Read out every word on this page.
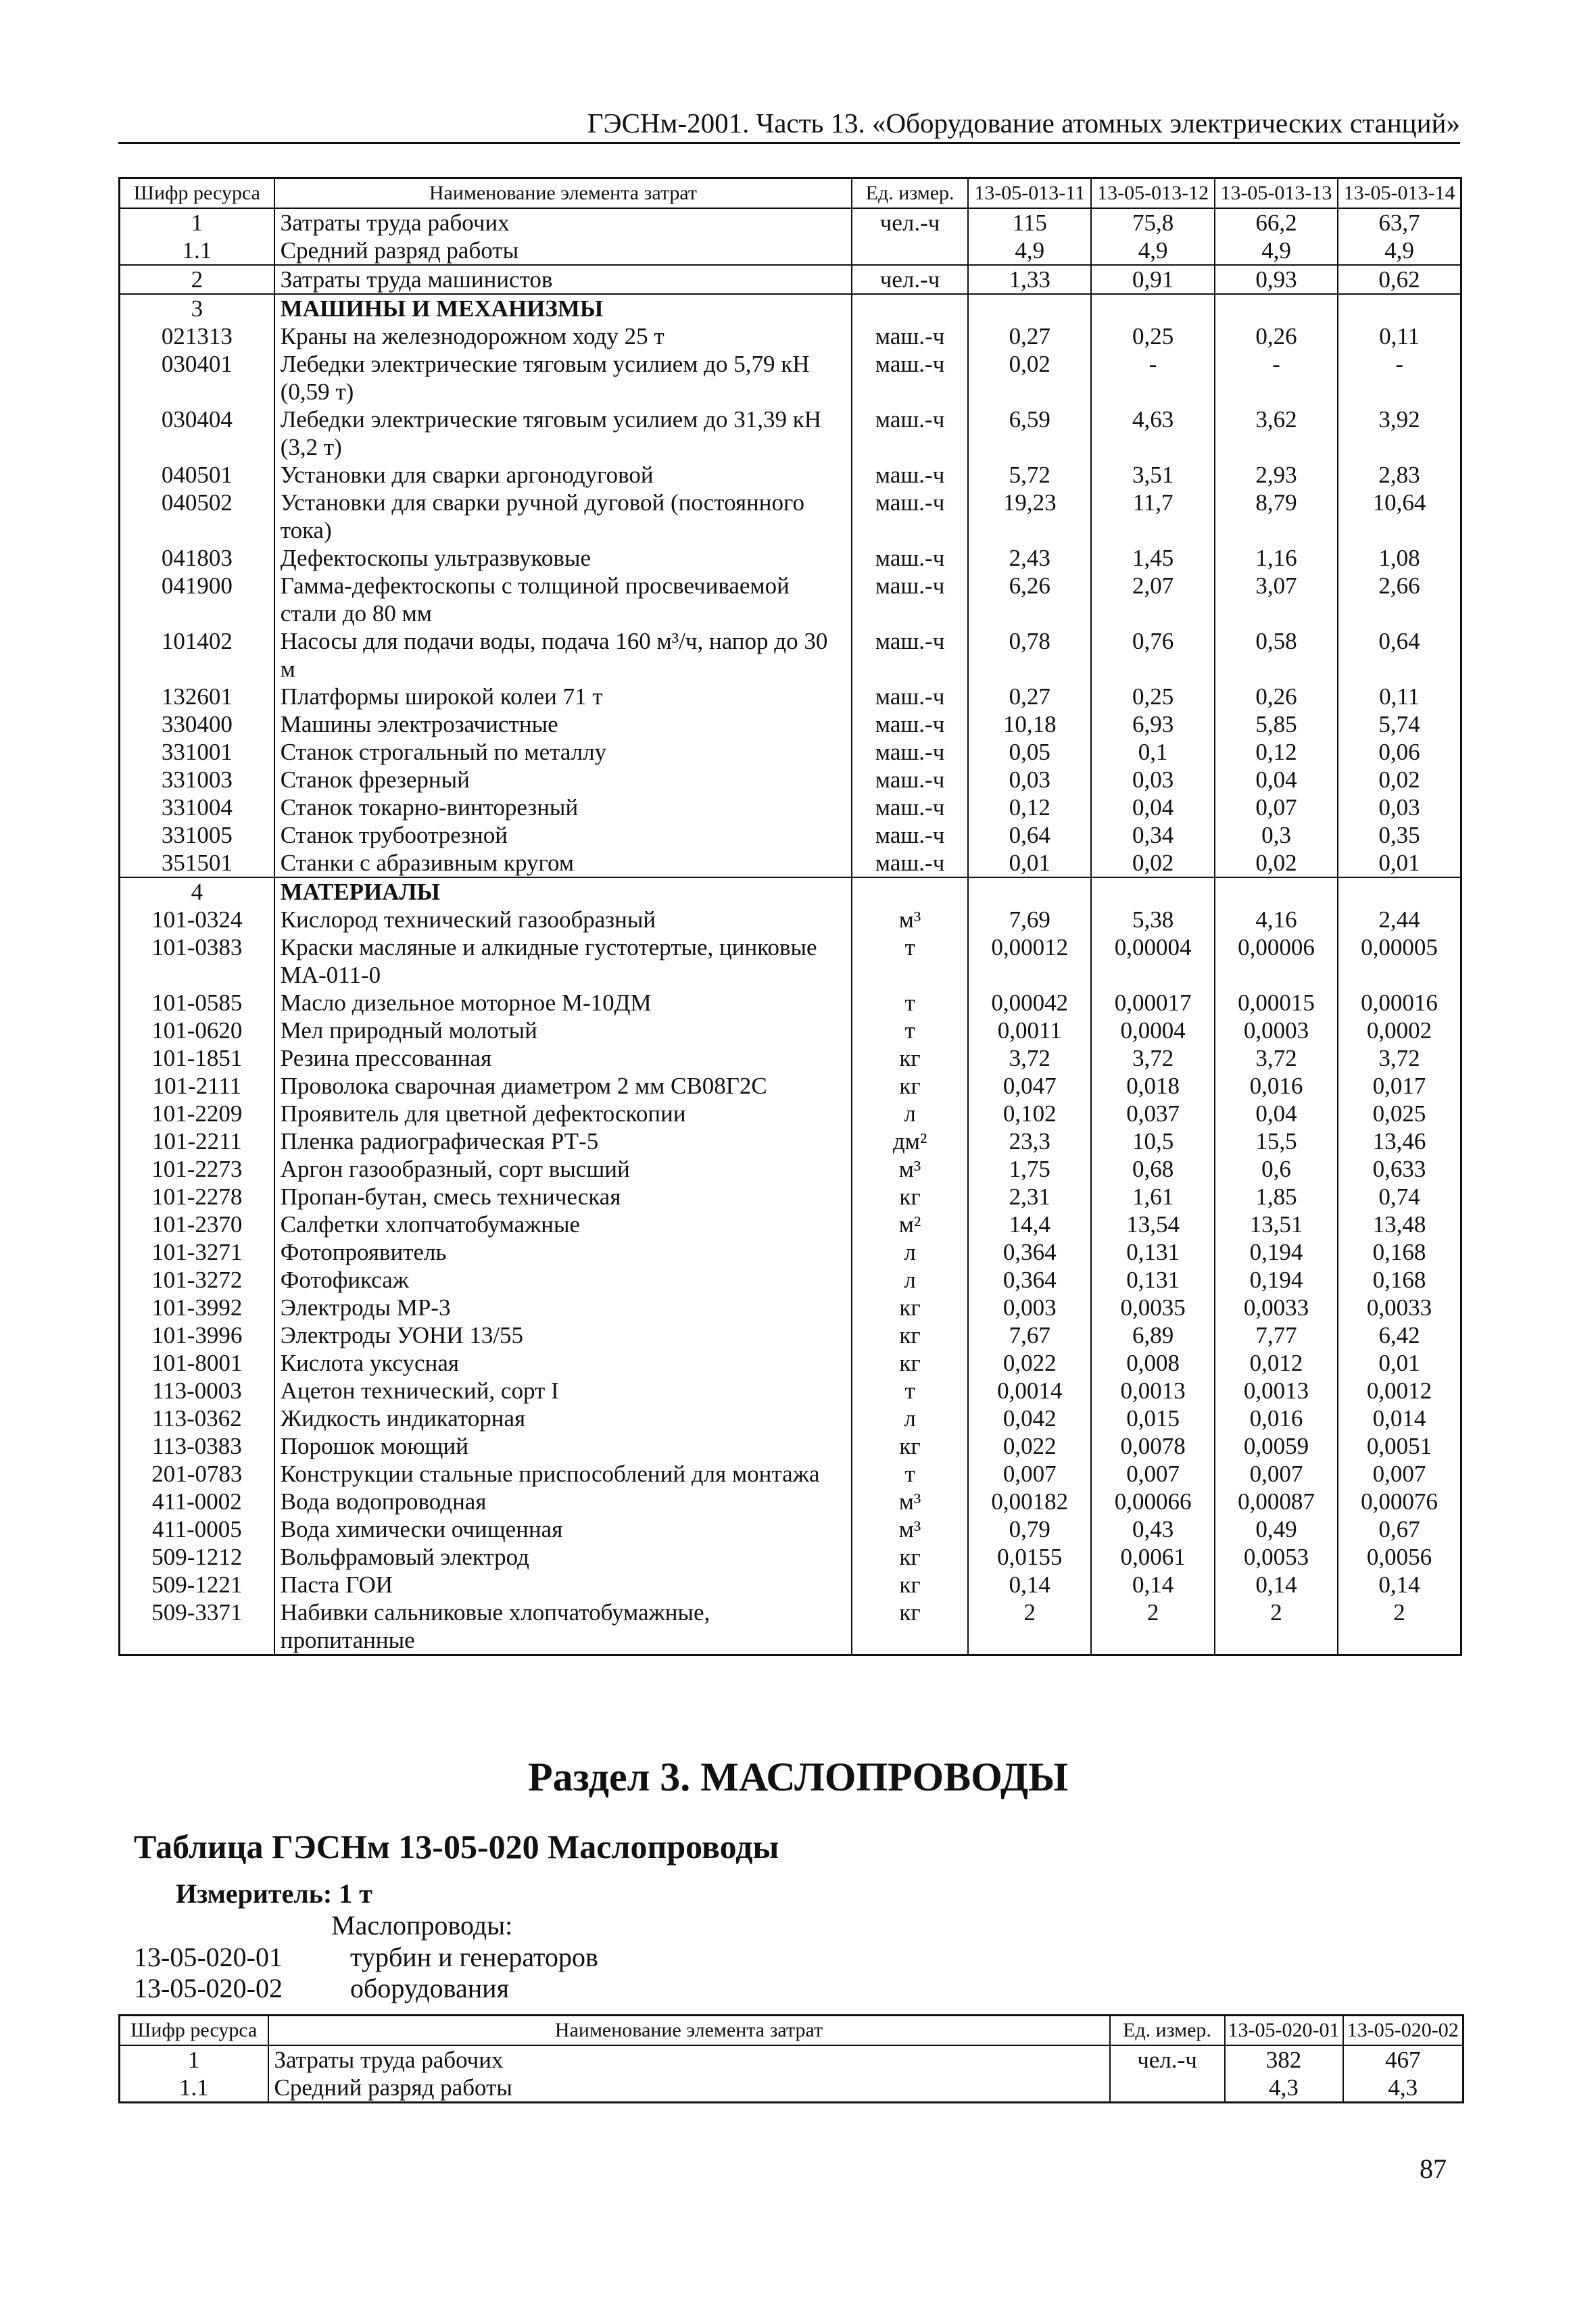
ГЭСНм-2001. Часть 13. «Оборудование атомных электрических станций»
Шифр ресурса	Наименование элемента затрат	Ед. измер.	13-05-013-11	13-05-013-12	13-05-013-13	13-05-013-14
1	Затраты труда рабочих	чел.-ч	115	75,8	66,2	63,7
1.1	Средний разряд работы		4,9	4,9	4,9	4,9
2	Затраты труда машинистов	чел.-ч	1,33	0,91	0,93	0,62
3	МАШИНЫ И МЕХАНИЗМЫ					
021313	Краны на железнодорожном ходу 25 т	маш.-ч	0,27	0,25	0,26	0,11
030401	Лебедки электрические тяговым усилием до 5,79 кН (0,59 т)	маш.-ч	0,02	-	-	-
030404	Лебедки электрические тяговым усилием до 31,39 кН (3,2 т)	маш.-ч	6,59	4,63	3,62	3,92
040501	Установки для сварки аргонодуговой	маш.-ч	5,72	3,51	2,93	2,83
040502	Установки для сварки ручной дуговой (постоянного тока)	маш.-ч	19,23	11,7	8,79	10,64
041803	Дефектоскопы ультразвуковые	маш.-ч	2,43	1,45	1,16	1,08
041900	Гамма-дефектоскопы с толщиной просвечиваемой стали до 80 мм	маш.-ч	6,26	2,07	3,07	2,66
101402	Насосы для подачи воды, подача 160 м³/ч, напор до 30 м	маш.-ч	0,78	0,76	0,58	0,64
132601	Платформы широкой колеи 71 т	маш.-ч	0,27	0,25	0,26	0,11
330400	Машины электрозачистные	маш.-ч	10,18	6,93	5,85	5,74
331001	Станок строгальный по металлу	маш.-ч	0,05	0,1	0,12	0,06
331003	Станок фрезерный	маш.-ч	0,03	0,03	0,04	0,02
331004	Станок токарно-винторезный	маш.-ч	0,12	0,04	0,07	0,03
331005	Станок трубоотрезной	маш.-ч	0,64	0,34	0,3	0,35
351501	Станки с абразивным кругом	маш.-ч	0,01	0,02	0,02	0,01
4	МАТЕРИАЛЫ					
101-0324	Кислород технический газообразный	м³	7,69	5,38	4,16	2,44
101-0383	Краски масляные и алкидные густотертые, цинковые МА-011-0	т	0,00012	0,00004	0,00006	0,00005
101-0585	Масло дизельное моторное М-10ДМ	т	0,00042	0,00017	0,00015	0,00016
101-0620	Мел природный молотый	т	0,0011	0,0004	0,0003	0,0002
101-1851	Резина прессованная	кг	3,72	3,72	3,72	3,72
101-2111	Проволока сварочная диаметром 2 мм СВ08Г2С	кг	0,047	0,018	0,016	0,017
101-2209	Проявитель для цветной дефектоскопии	л	0,102	0,037	0,04	0,025
101-2211	Пленка радиографическая РТ-5	дм²	23,3	10,5	15,5	13,46
101-2273	Аргон газообразный, сорт высший	м³	1,75	0,68	0,6	0,633
101-2278	Пропан-бутан, смесь техническая	кг	2,31	1,61	1,85	0,74
101-2370	Салфетки хлопчатобумажные	м²	14,4	13,54	13,51	13,48
101-3271	Фотопроявитель	л	0,364	0,131	0,194	0,168
101-3272	Фотофиксаж	л	0,364	0,131	0,194	0,168
101-3992	Электроды МР-3	кг	0,003	0,0035	0,0033	0,0033
101-3996	Электроды УОНИ 13/55	кг	7,67	6,89	7,77	6,42
101-8001	Кислота уксусная	кг	0,022	0,008	0,012	0,01
113-0003	Ацетон технический, сорт I	т	0,0014	0,0013	0,0013	0,0012
113-0362	Жидкость индикаторная	л	0,042	0,015	0,016	0,014
113-0383	Порошок моющий	кг	0,022	0,0078	0,0059	0,0051
201-0783	Конструкции стальные приспособлений для монтажа	т	0,007	0,007	0,007	0,007
411-0002	Вода водопроводная	м³	0,00182	0,00066	0,00087	0,00076
411-0005	Вода химически очищенная	м³	0,79	0,43	0,49	0,67
509-1212	Вольфрамовый электрод	кг	0,0155	0,0061	0,0053	0,0056
509-1221	Паста ГОИ	кг	0,14	0,14	0,14	0,14
509-3371	Набивки сальниковые хлопчатобумажные, пропитанные	кг	2	2	2	2
Раздел 3. МАСЛОПРОВОДЫ
Таблица ГЭСНм 13-05-020 Маслопроводы
Измеритель: 1 т
Маслопроводы:
13-05-020-01	турбин и генераторов
13-05-020-02	оборудования
Шифр ресурса	Наименование элемента затрат	Ед. измер.	13-05-020-01	13-05-020-02
1	Затраты труда рабочих	чел.-ч	382	467
1.1	Средний разряд работы		4,3	4,3
87
